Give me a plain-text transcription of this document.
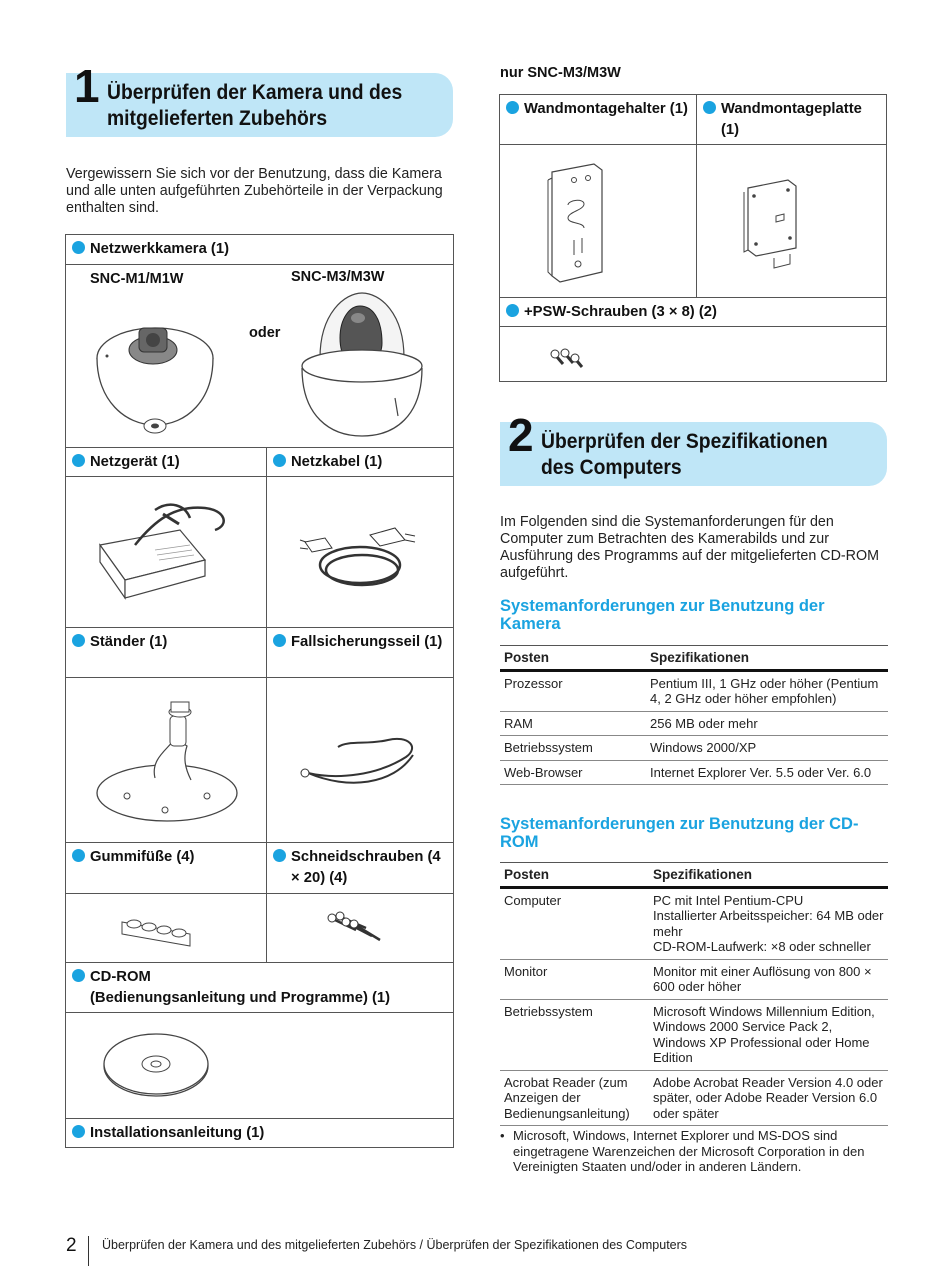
1 Überprüfen der Kamera und des
mitgelieferten Zubehörs
Vergewissern Sie sich vor der Benutzung, dass die Kamera und alle unten aufgeführten Zubehörteile in der Verpackung enthalten sind.
Netzwerkkamera (1)
SNC-M1/M1W	SNC-M3/M3W
oder
Netzgerät (1)	Netzkabel (1)
Ständer (1)	Fallsicherungsseil (1)
Gummifüße (4)	Schneidschrauben (4 × 20) (4)
CD-ROM
(Bedienungsanleitung und Programme) (1)
Installationsanleitung (1)
nur SNC-M3/M3W
Wandmontagehalter (1)	Wandmontageplatte (1)
+PSW-Schrauben (3 × 8) (2)
2 Überprüfen der Spezifikationen
des Computers
Im Folgenden sind die Systemanforderungen für den Computer zum Betrachten des Kamerabilds und zur Ausführung des Programms auf der mitgelieferten CD-ROM aufgeführt.
Systemanforderungen zur Benutzung der Kamera
Posten	Spezifikationen
Prozessor	Pentium III, 1 GHz oder höher (Pentium 4, 2 GHz oder höher empfohlen)
RAM	256 MB oder mehr
Betriebssystem	Windows 2000/XP
Web-Browser	Internet Explorer Ver. 5.5 oder Ver. 6.0
Systemanforderungen zur Benutzung der CD-ROM
Posten	Spezifikationen
Computer	PC mit Intel Pentium-CPU
Installierter Arbeitsspeicher: 64 MB oder mehr
CD-ROM-Laufwerk: ×8 oder schneller

Monitor	Monitor mit einer Auflösung von 800 × 600 oder höher
Betriebssystem	Microsoft Windows Millennium Edition, Windows 2000 Service Pack 2, Windows XP Professional oder Home Edition
Acrobat Reader (zum Anzeigen der Bedienungsanleitung)	Adobe Acrobat Reader Version 4.0 oder später, oder Adobe Reader Version 6.0 oder später
• Microsoft, Windows, Internet Explorer und MS-DOS sind eingetragene Warenzeichen der Microsoft Corporation in den Vereinigten Staaten und/oder in anderen Ländern.
2 Überprüfen der Kamera und des mitgelieferten Zubehörs / Überprüfen der Spezifikationen des Computers
